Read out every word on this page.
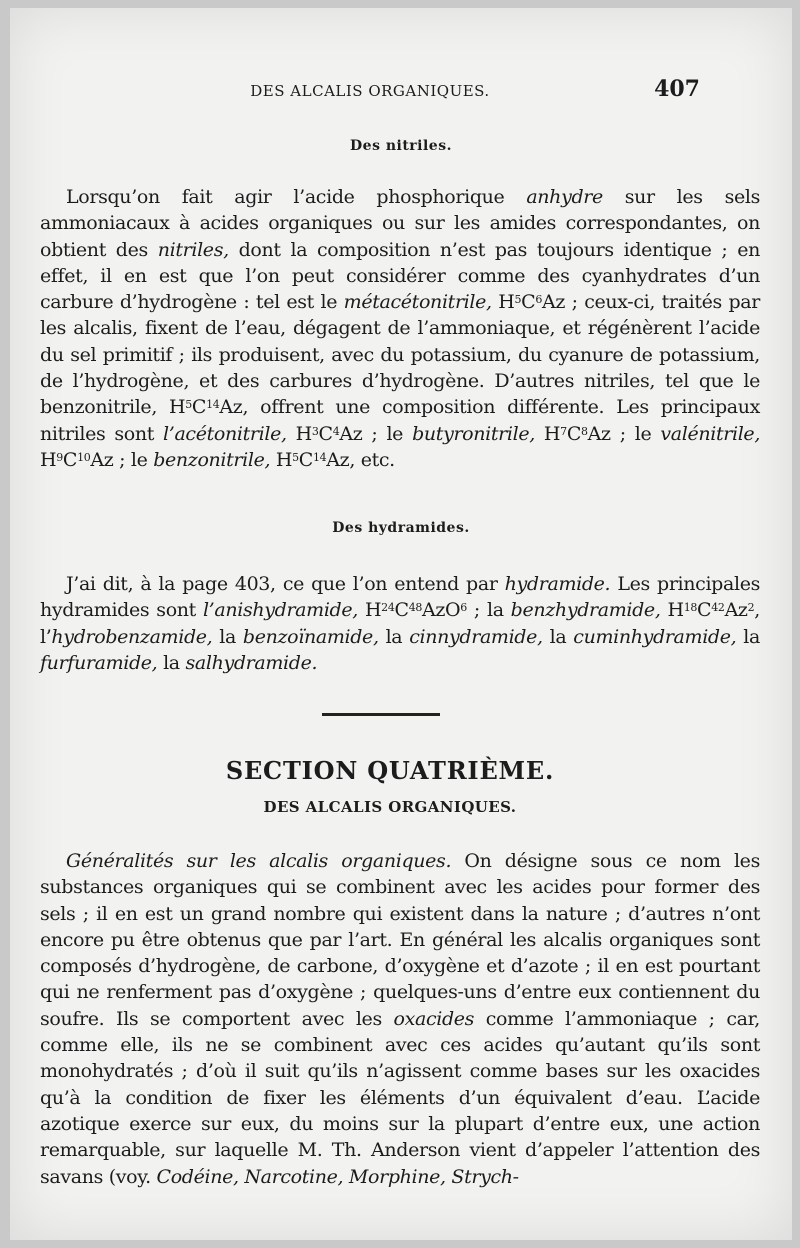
DES ALCALIS ORGANIQUES.	407
Des nitriles.

Lorsqu’on fait agir l’acide phosphorique anhydre sur les sels ammoniacaux à acides organiques ou sur les amides correspondantes, on obtient des nitriles, dont la composition n’est pas toujours identique ; en effet, il en est que l’on peut considérer comme des cyanhydrates d’un carbure d’hydrogène : tel est le métacétonitrile, $H^5C^6Az$ ; ceux-ci, traités par les alcalis, fixent de l’eau, dégagent de l’ammoniaque, et régénèrent l’acide du sel primitif ; ils produisent, avec du potassium, du cyanure de potassium, de l’hydrogène, et des carbures d’hydrogène. D’autres nitriles, tel que le benzonitrile, $H^5C^{14}Az$, offrent une composition différente. Les principaux nitriles sont l’acétonitrile, $H^3C^4Az$ ; le butyronitrile, $H^7C^8Az$ ; le valénitrile, $H^9C^{10}Az$ ; le benzonitrile, $H^5C^{14}Az$, etc.

Des hydramides.

J’ai dit, à la page 403, ce que l’on entend par hydramide. Les principales hydramides sont l’anishydramide, $H^{24}C^{48}AzO^6$ ; la benzhydramide, $H^{18}C^{42}Az^2$, l’hydrobenzamide, la benzoïnamide, la cinnydramide, la cuminhydramide, la furfuramide, la salhydramide.

SECTION QUATRIÈME.
DES ALCALIS ORGANIQUES.

Généralités sur les alcalis organiques. On désigne sous ce nom les substances organiques qui se combinent avec les acides pour former des sels ; il en est un grand nombre qui existent dans la nature ; d’autres n’ont encore pu être obtenus que par l’art. En général les alcalis organiques sont composés d’hydrogène, de carbone, d’oxygène et d’azote ; il en est pourtant qui ne renferment pas d’oxygène ; quelques-uns d’entre eux contiennent du soufre. Ils se comportent avec les oxacides comme l’ammoniaque ; car, comme elle, ils ne se combinent avec ces acides qu’autant qu’ils sont monohydratés ; d’où il suit qu’ils n’agissent comme bases sur les oxacides qu’à la condition de fixer les éléments d’un équivalent d’eau. L’acide azotique exerce sur eux, du moins sur la plupart d’entre eux, une action remarquable, sur laquelle M. Th. Anderson vient d’appeler l’attention des savans (voy. Codéine, Narcotine, Morphine, Strych-
